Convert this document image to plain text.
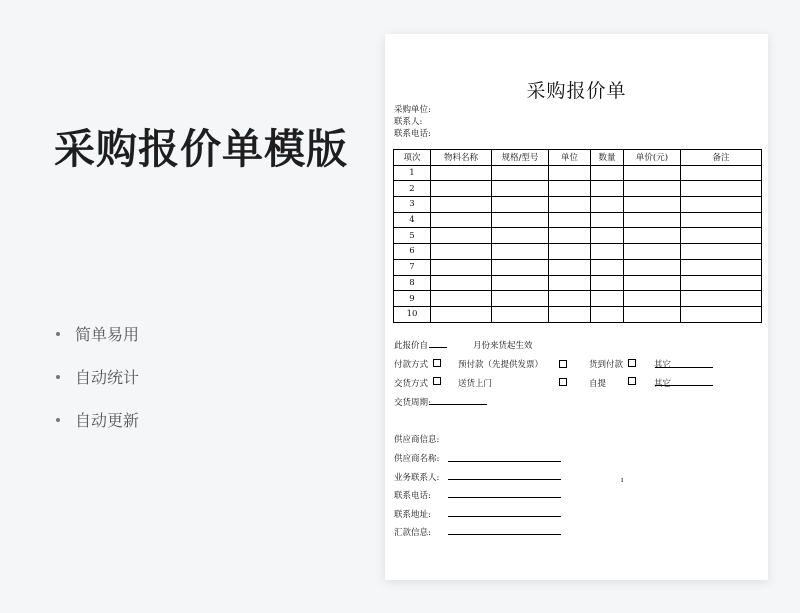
采购报价单模版
简单易用
自动统计
自动更新
采购报价单
采购单位:
联系人:
联系电话:
项次	物料名称	规格/型号	单位	数量	单价(元)	备注
1						
2						
3						
4						
5						
6						
7						
8						
9						
10						
此报价自	月份来货起生效
付款方式	预付款（先提供发票）	货到付款	其它
交货方式	送货上门	自提	其它
交货周期:
供应商信息:
供应商名称:
业务联系人:
联系电话:
联系地址:
汇款信息:
ı
